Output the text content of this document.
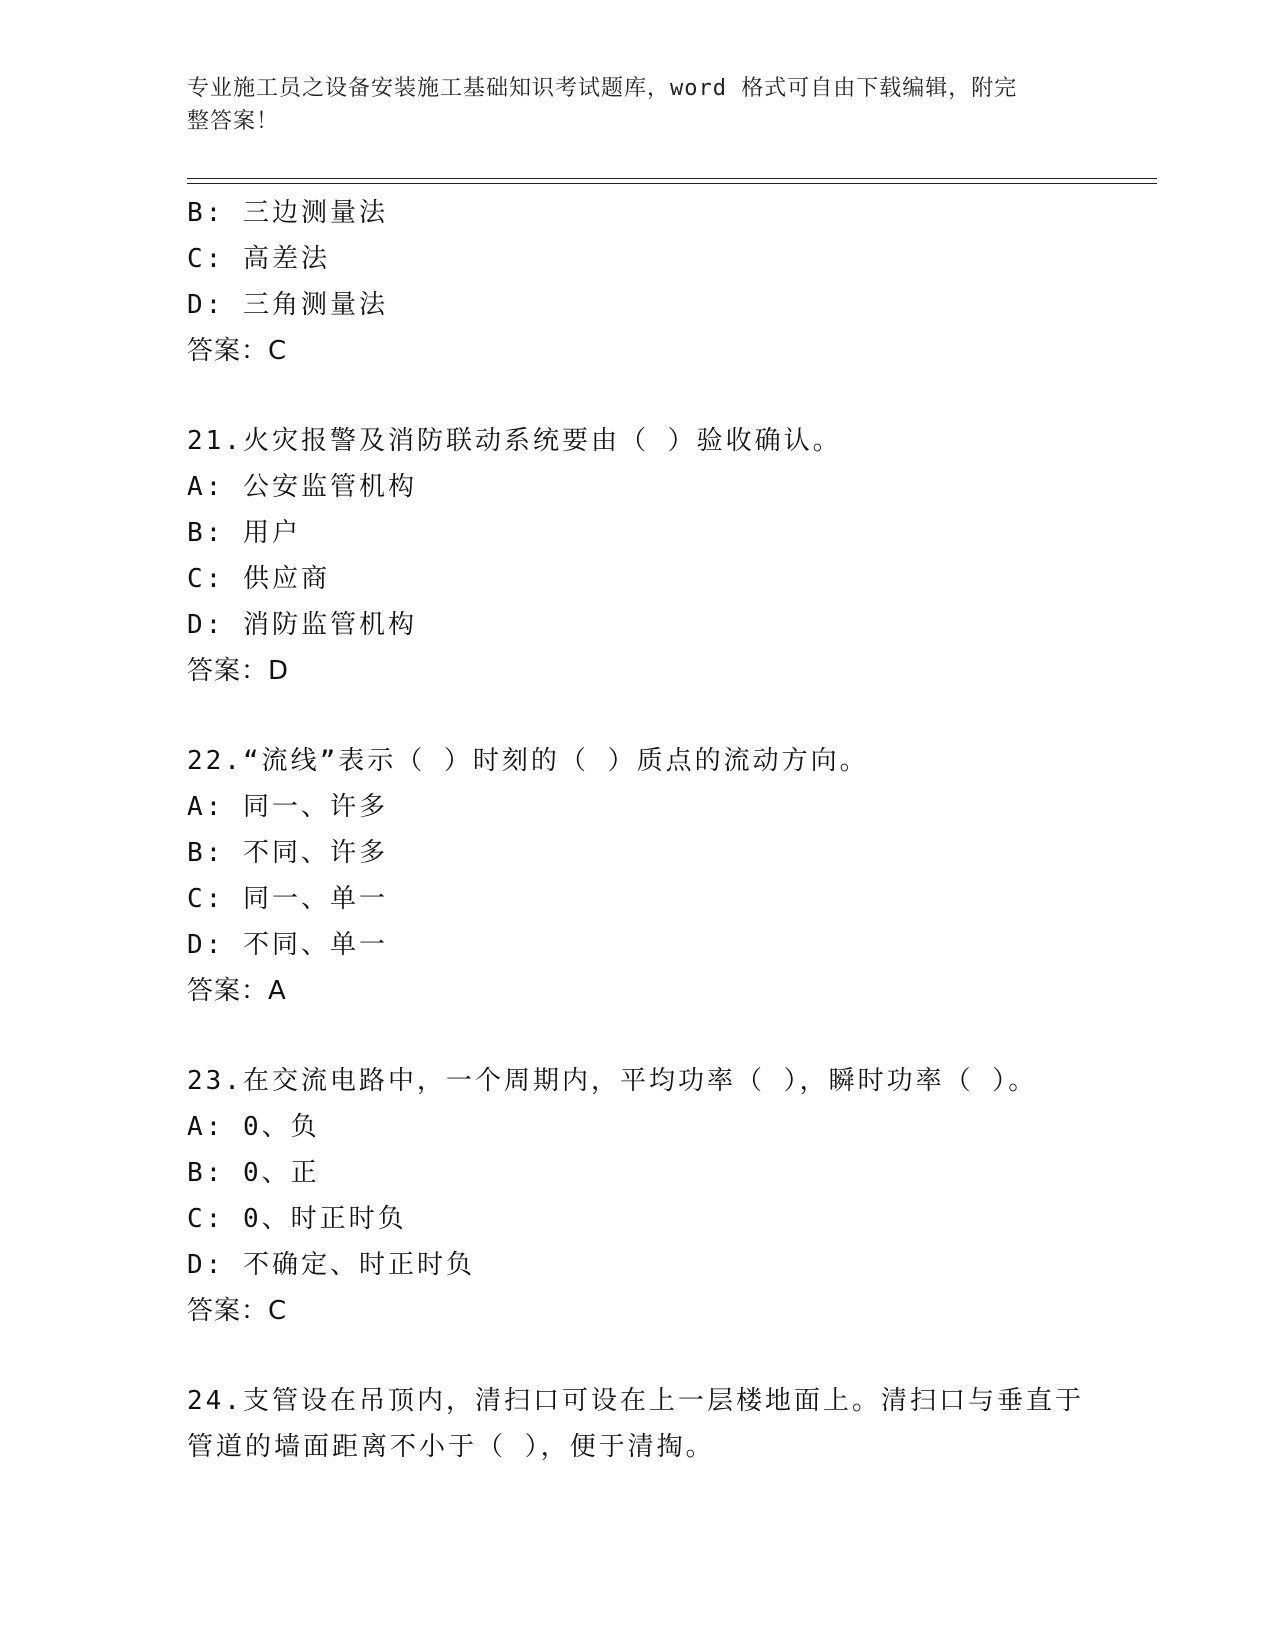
专业施工员之设备安装施工基础知识考试题库，word 格式可自由下载编辑，附完
整答案！
B: 三边测量法
C: 高差法
D: 三角测量法
答案：C
21.火灾报警及消防联动系统要由（ ）验收确认。
A: 公安监管机构
B: 用户
C: 供应商
D: 消防监管机构
答案：D
22.“流线”表示（ ）时刻的（ ）质点的流动方向。
A: 同一、许多
B: 不同、许多
C: 同一、单一
D: 不同、单一
答案：A
23.在交流电路中，一个周期内，平均功率（ ），瞬时功率（ ）。
A: 0、负
B: 0、正
C: 0、时正时负
D: 不确定、时正时负
答案：C
24.支管设在吊顶内，清扫口可设在上一层楼地面上。清扫口与垂直于
管道的墙面距离不小于（ ），便于清掏。
